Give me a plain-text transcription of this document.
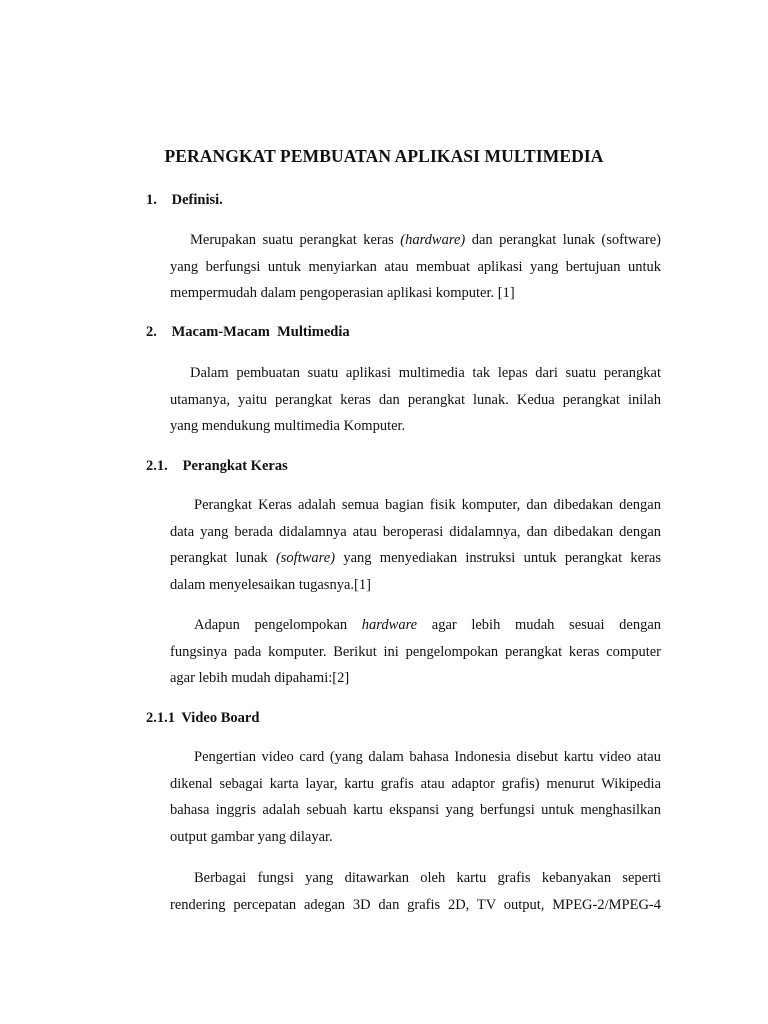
PERANGKAT PEMBUATAN APLIKASI MULTIMEDIA
1. Definisi.
Merupakan suatu perangkat keras (hardware) dan perangkat lunak (software)
yang berfungsi untuk menyiarkan atau membuat aplikasi yang bertujuan untuk
mempermudah dalam pengoperasian aplikasi komputer. [1]
2. Macam-Macam  Multimedia
Dalam pembuatan suatu aplikasi multimedia tak lepas dari suatu perangkat
utamanya, yaitu perangkat keras dan perangkat lunak. Kedua perangkat inilah
yang mendukung multimedia Komputer.
2.1. Perangkat Keras
Perangkat Keras adalah semua bagian fisik komputer, dan dibedakan dengan
data yang berada didalamnya atau beroperasi didalamnya, dan dibedakan dengan
perangkat lunak (software) yang menyediakan instruksi untuk perangkat keras
dalam menyelesaikan tugasnya.[1]
Adapun pengelompokan hardware agar lebih mudah sesuai dengan
fungsinya pada komputer. Berikut ini pengelompokan perangkat keras computer
agar lebih mudah dipahami:[2]
2.1.1 Video Board
Pengertian video card (yang dalam bahasa Indonesia disebut kartu video atau
dikenal sebagai karta layar, kartu grafis atau adaptor grafis) menurut Wikipedia
bahasa inggris adalah sebuah kartu ekspansi yang berfungsi untuk menghasilkan
output gambar yang dilayar.
Berbagai fungsi yang ditawarkan oleh kartu grafis kebanyakan seperti
rendering percepatan adegan 3D dan grafis 2D, TV output, MPEG-2/MPEG-4
